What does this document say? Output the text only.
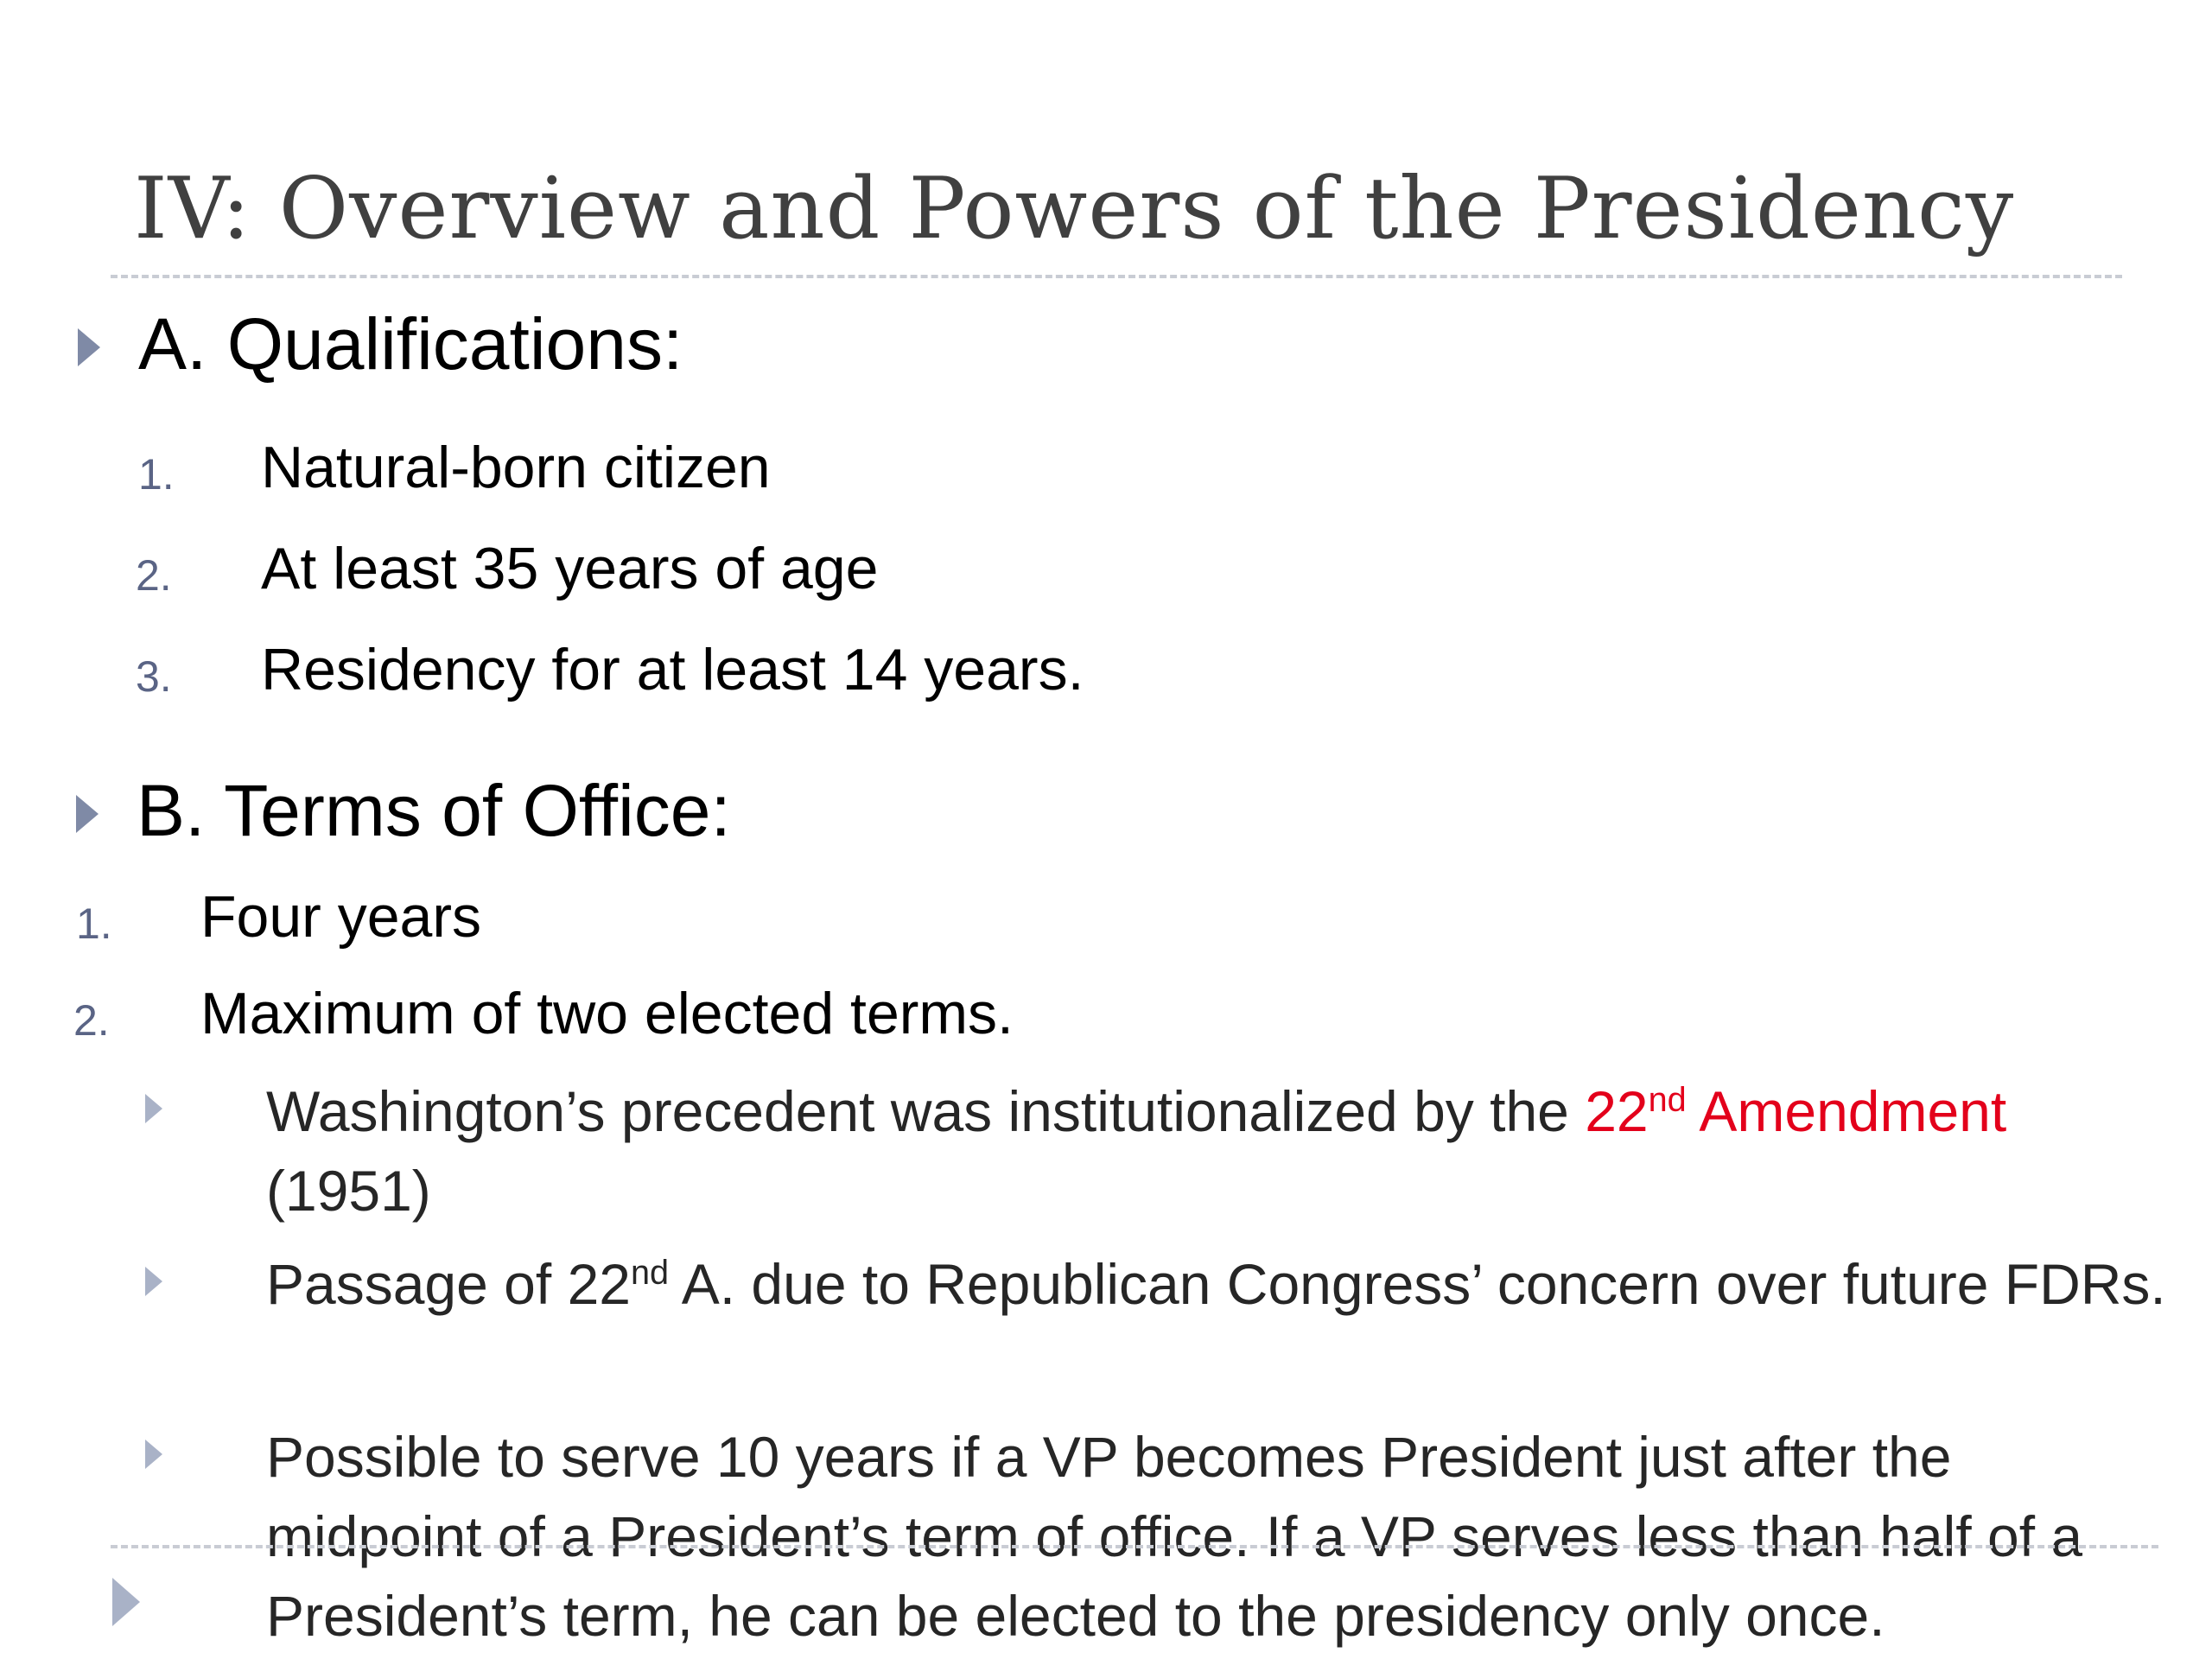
IV: Overview and Powers of the Presidency
A. Qualifications:
1. Natural-born citizen
2. At least 35 years of age
3. Residency for at least 14 years.
B. Terms of Office:
1. Four years
2. Maximum of two elected terms.
Washington’s precedent was institutionalized by the 22nd Amendment (1951)
Passage of 22nd A. due to Republican Congress’ concern over future FDRs.
Possible to serve 10 years if a VP becomes President just after the midpoint of a President’s term of office. If a VP serves less than half of a President’s term, he can be elected to the presidency only once.
